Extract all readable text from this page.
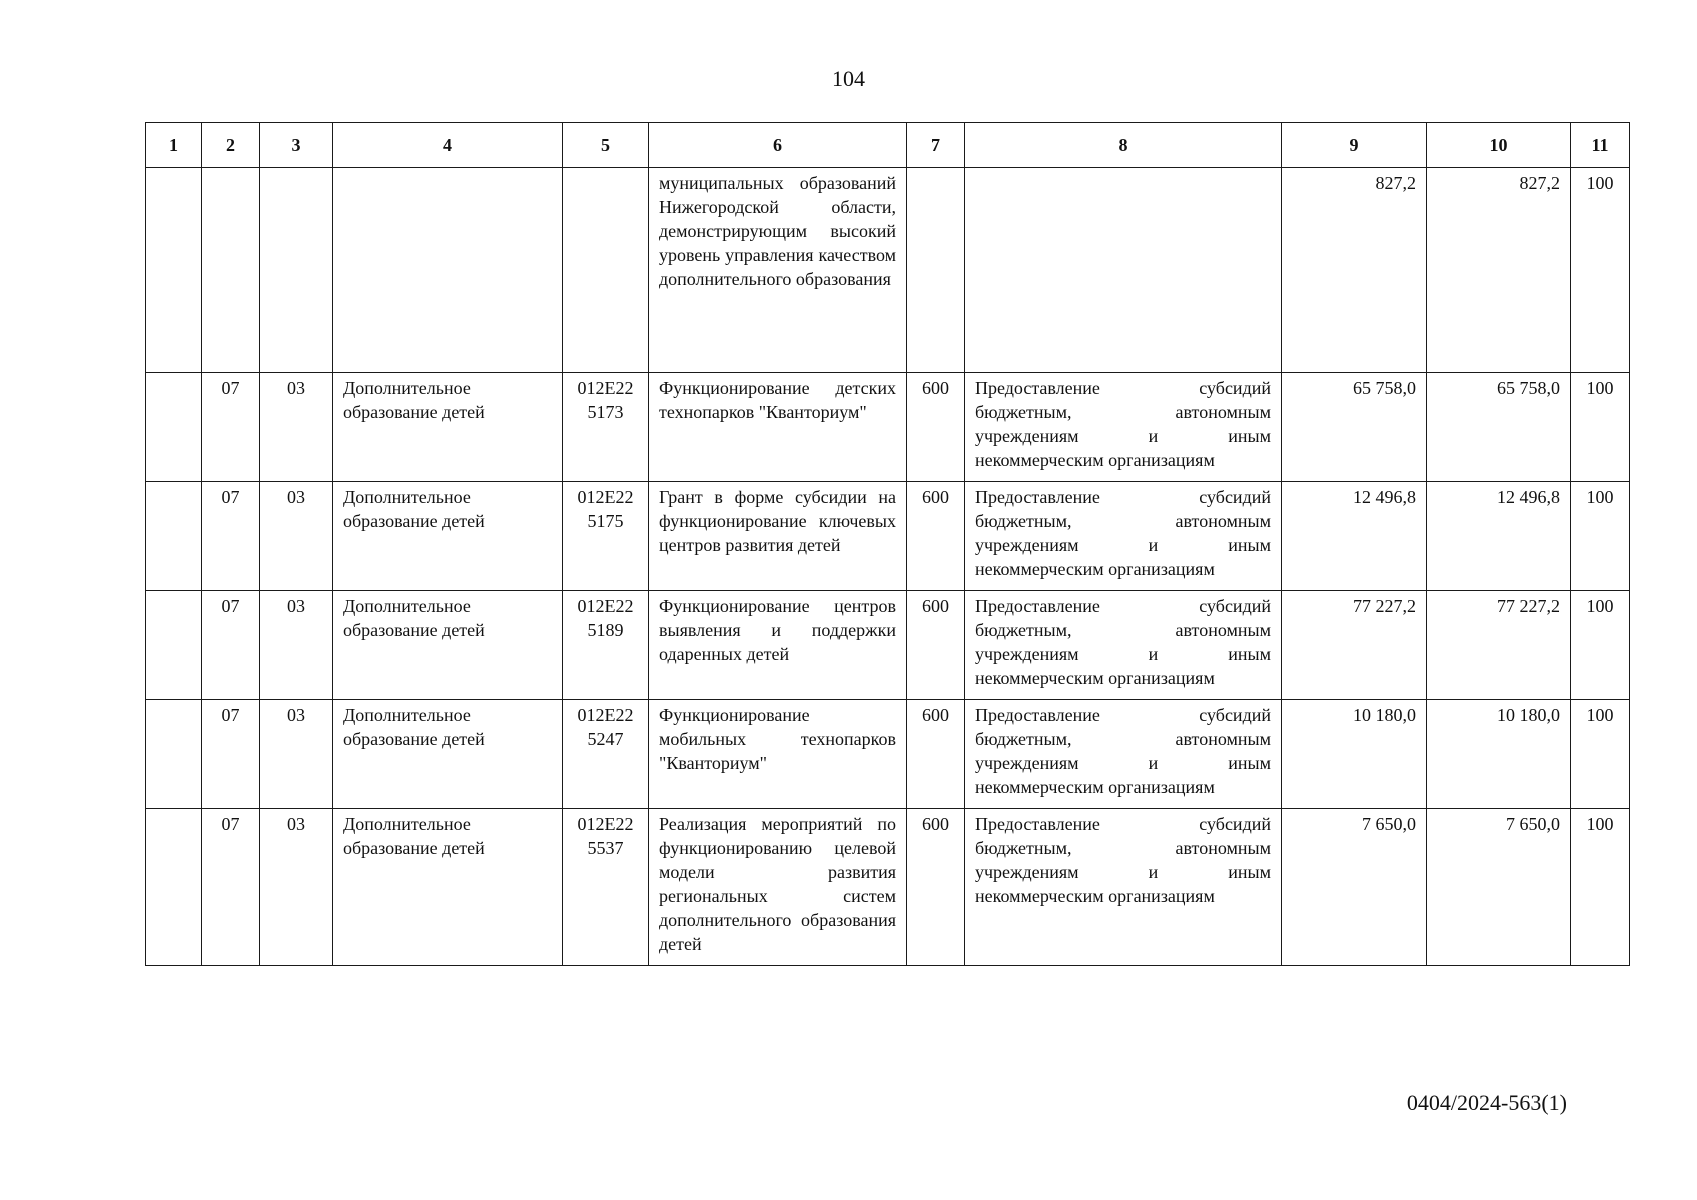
104
1	2	3	4	5	6	7	8	9	10	11
					муниципальных образований Нижегородской области, демонстрирующим высокий уровень управления качеством дополнительного образования			827,2	827,2	100
	07	03	Дополнительное образование детей	012E22 5173	Функционирование детских технопарков "Кванториум"	600	Предоставление субсидий бюджетным, автономным учреждениям и иным некоммерческим организациям	65 758,0	65 758,0	100
	07	03	Дополнительное образование детей	012E22 5175	Грант в форме субсидии на функционирование ключевых центров развития детей	600	Предоставление субсидий бюджетным, автономным учреждениям и иным некоммерческим организациям	12 496,8	12 496,8	100
	07	03	Дополнительное образование детей	012E22 5189	Функционирование центров выявления и поддержки одаренных детей	600	Предоставление субсидий бюджетным, автономным учреждениям и иным некоммерческим организациям	77 227,2	77 227,2	100
	07	03	Дополнительное образование детей	012E22 5247	Функционирование мобильных технопарков "Кванториум"	600	Предоставление субсидий бюджетным, автономным учреждениям и иным некоммерческим организациям	10 180,0	10 180,0	100
	07	03	Дополнительное образование детей	012E22 5537	Реализация мероприятий по функционированию целевой модели развития региональных систем дополнительного образования детей	600	Предоставление субсидий бюджетным, автономным учреждениям и иным некоммерческим организациям	7 650,0	7 650,0	100
0404/2024-563(1)
